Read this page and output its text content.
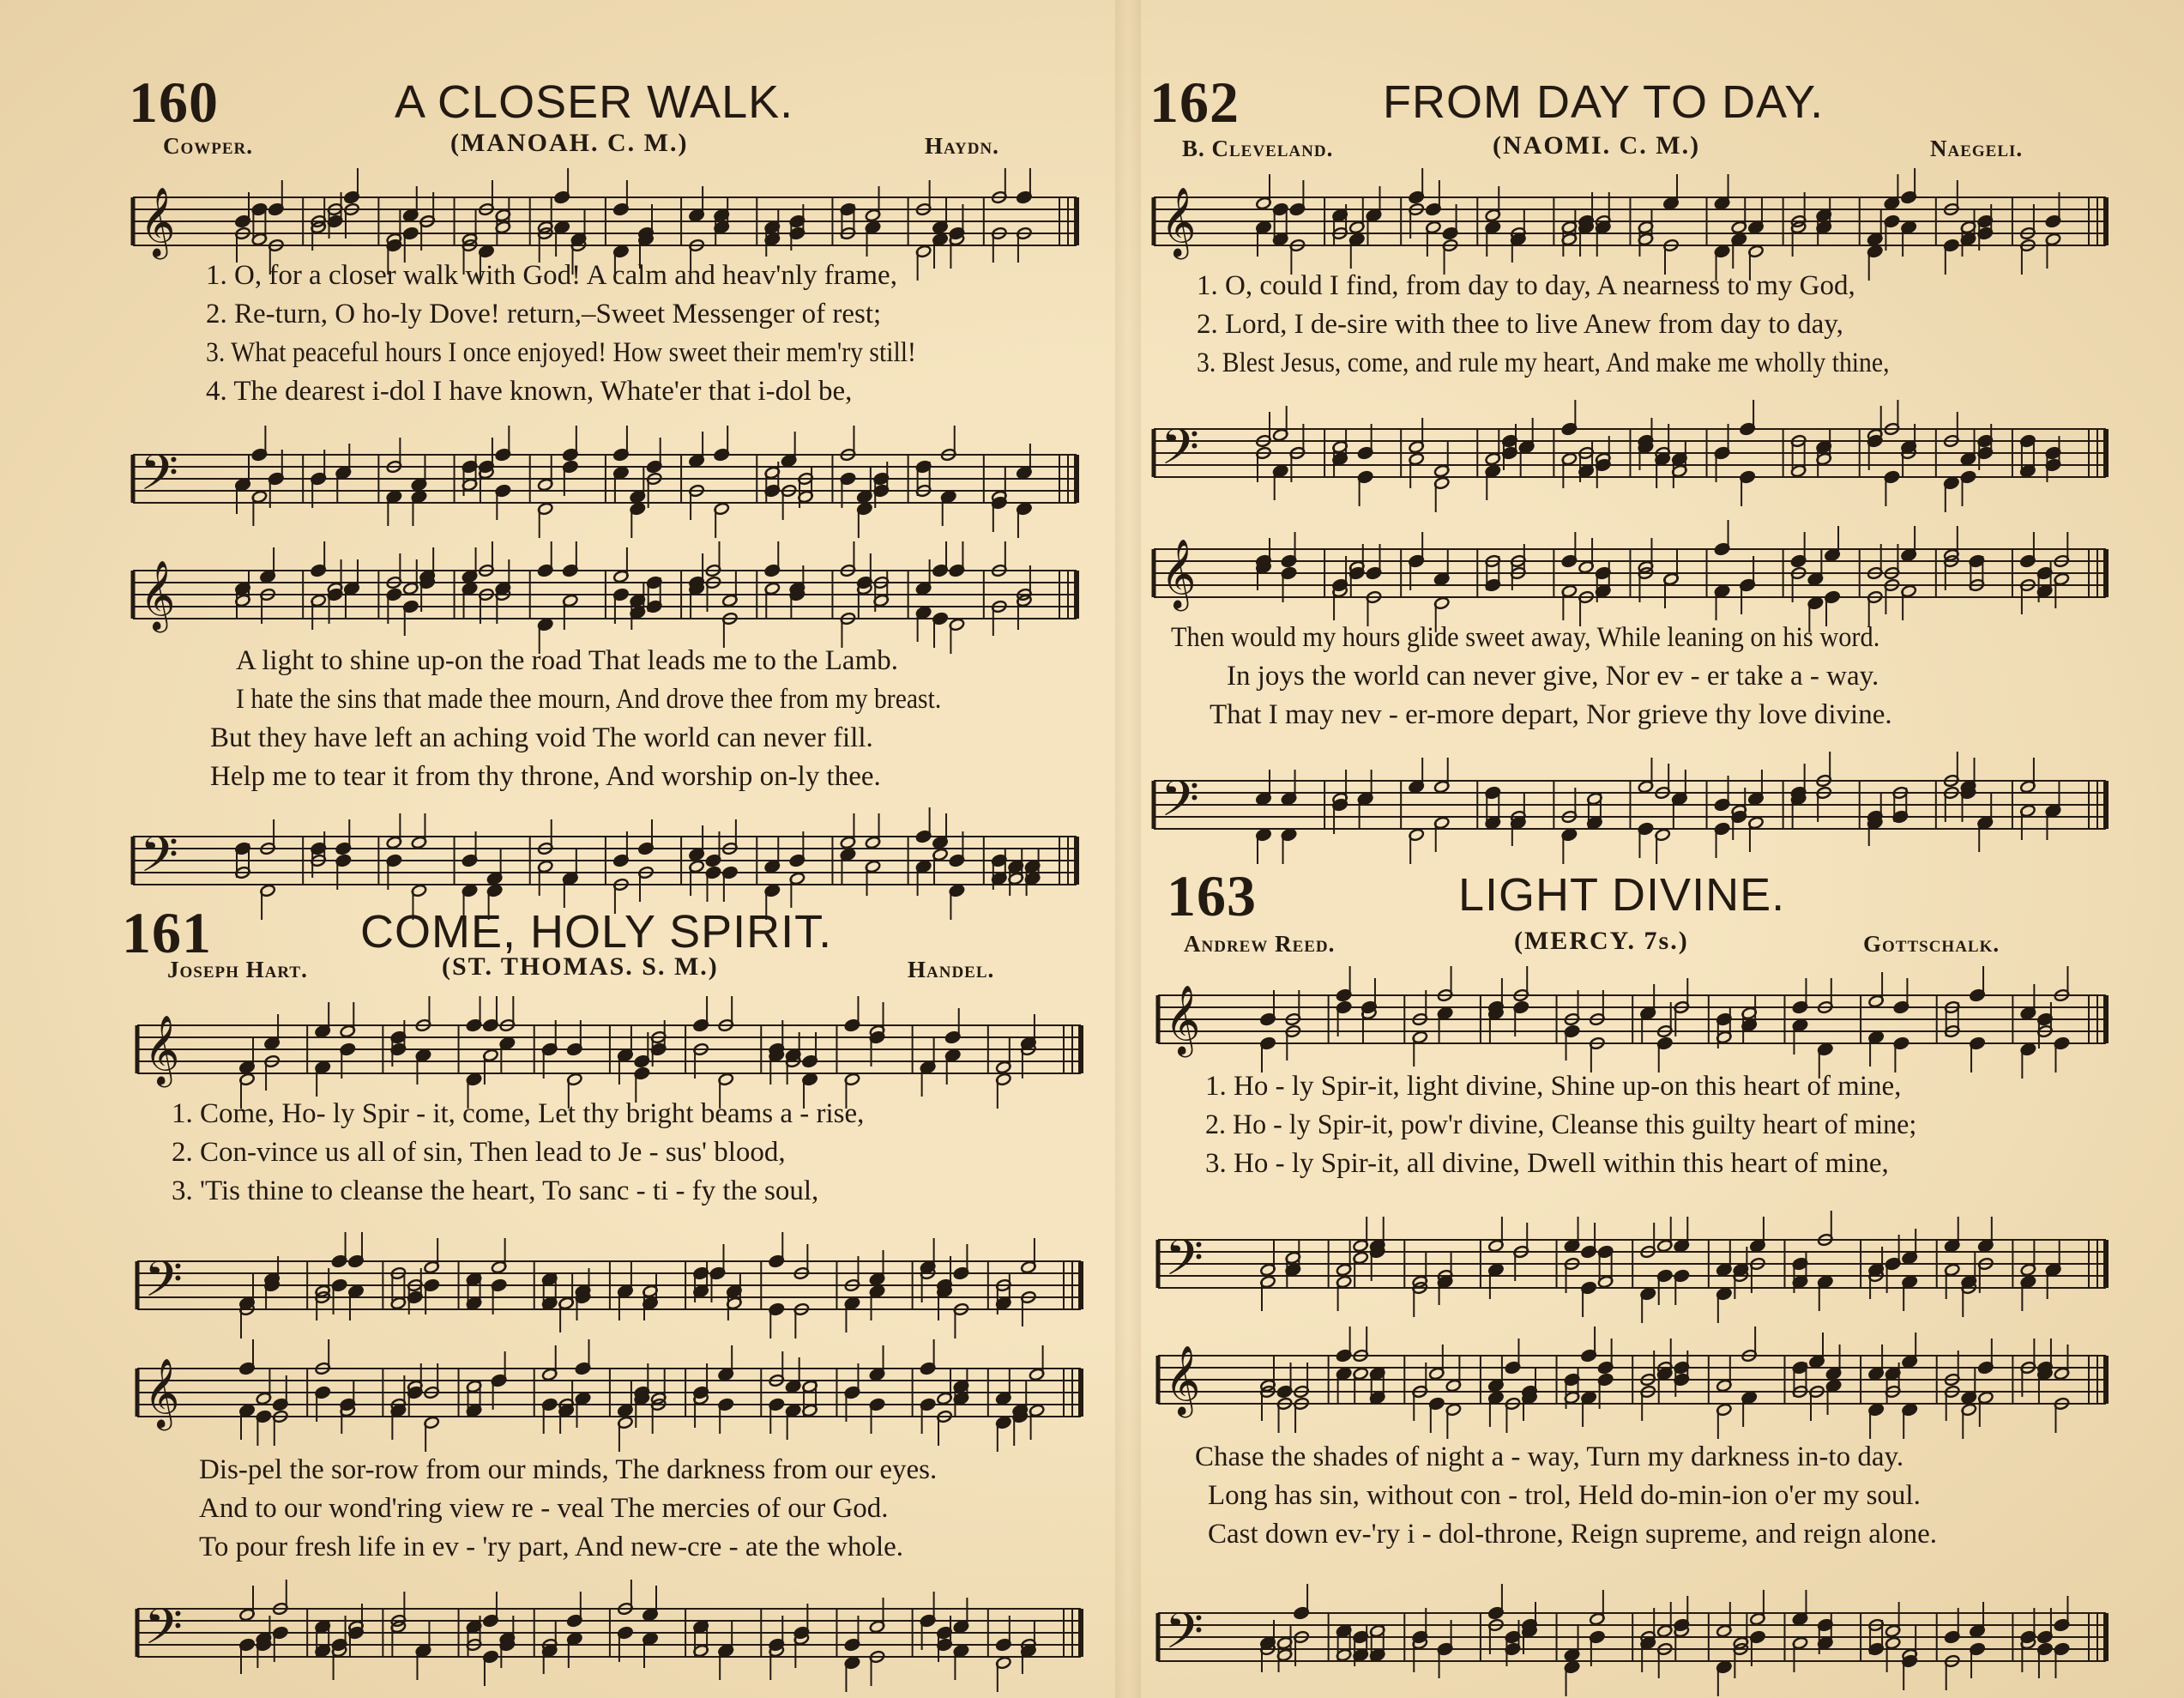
160	A CLOSER WALK.
Cowper.	(MANOAH. C. M.)	Haydn.
𝄞
1. O, for a closer walk with God! A calm and heav'nly frame,
2. Re-turn, O ho-ly Dove! return,–Sweet Messenger of rest;
3. What peaceful hours I once enjoyed! How sweet their mem'ry still!
4. The dearest i-dol I have known, Whate'er that i-dol be,
𝄢
𝄞
A light to shine up-on the road That leads me to the Lamb.
I hate the sins that made thee mourn, And drove thee from my breast.
But they have left an aching void The world can never fill.
Help me to tear it from thy throne, And worship on-ly thee.
𝄢
161	COME, HOLY SPIRIT.
Joseph Hart.	(ST. THOMAS. S. M.)	Handel.
𝄞
1. Come, Ho- ly Spir - it, come, Let thy bright beams a - rise,
2. Con-vince us all of sin, Then lead to Je - sus' blood,
3. 'Tis thine to cleanse the heart, To sanc - ti - fy the soul,
𝄢
𝄞
Dis-pel the sor-row from our minds, The darkness from our eyes.
And to our wond'ring view re - veal The mercies of our God.
To pour fresh life in ev - 'ry part, And new-cre - ate the whole.
𝄢
162	FROM DAY TO DAY.
B. Cleveland.	(NAOMI. C. M.)	Naegeli.
𝄞
1. O, could I find, from day to day, A nearness to my God,
2. Lord, I de-sire with thee to live Anew from day to day,
3. Blest Jesus, come, and rule my heart, And make me wholly thine,
𝄢
𝄞
Then would my hours glide sweet away, While leaning on his word.
In joys the world can never give, Nor ev - er take a - way.
That I may nev - er-more depart, Nor grieve thy love divine.
𝄢
163	LIGHT DIVINE.
Andrew Reed.	(MERCY. 7s.)	Gottschalk.
𝄞
1. Ho - ly Spir-it, light divine, Shine up-on this heart of mine,
2. Ho - ly Spir-it, pow'r divine, Cleanse this guilty heart of mine;
3. Ho - ly Spir-it, all divine, Dwell within this heart of mine,
𝄢
𝄞
Chase the shades of night a - way, Turn my darkness in-to day.
Long has sin, without con - trol, Held do-min-ion o'er my soul.
Cast down ev-'ry i - dol-throne, Reign supreme, and reign alone.
𝄢
